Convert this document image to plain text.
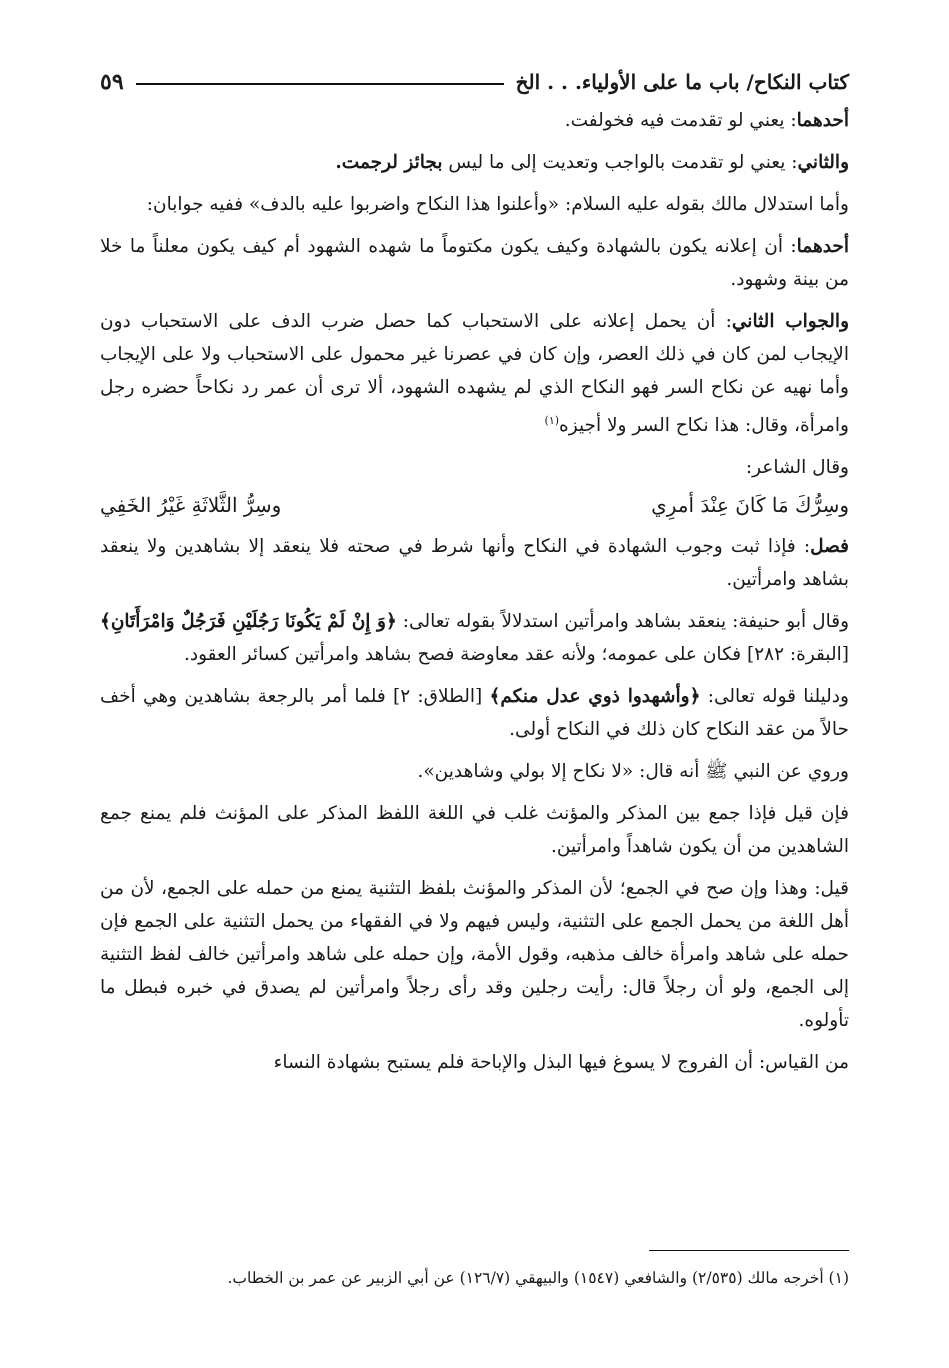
كتاب النكاح/ باب ما على الأولياء. . . الخ
٥٩

أحدهما: يعني لو تقدمت فيه فخولفت.

والثاني: يعني لو تقدمت بالواجب وتعديت إلى ما ليس بجائز لرجمت.

وأما استدلال مالك بقوله عليه السلام: «وأعلنوا هذا النكاح واضربوا عليه بالدف» ففيه جوابان:

أحدهما: أن إعلانه يكون بالشهادة وكيف يكون مكتوماً ما شهده الشهود أم كيف يكون معلناً ما خلا من بينة وشهود.

والجواب الثاني: أن يحمل إعلانه على الاستحباب كما حصل ضرب الدف على الاستحباب دون الإيجاب لمن كان في ذلك العصر، وإن كان في عصرنا غير محمول على الاستحباب ولا على الإيجاب وأما نهيه عن نكاح السر فهو النكاح الذي لم يشهده الشهود، ألا ترى أن عمر رد نكاحاً حضره رجل وامرأة، وقال: هذا نكاح السر ولا أجيزه$^{(١)}$

وقال الشاعر:

وسِرُّكَ مَا كَانَ عِنْدَ أمرِي
وسِرُّ الثَّلاثَةِ غَيْرُ الخَفِي

فصل: فإذا ثبت وجوب الشهادة في النكاح وأنها شرط في صحته فلا ينعقد إلا بشاهدين ولا ينعقد بشاهد وامرأتين.

وقال أبو حنيفة: ينعقد بشاهد وامرأتين استدلالاً بقوله تعالى: ﴿وَ إِنْ لَمْ يَكُونَا رَجُلَيْنِ فَرَجُلٌ وَامْرَأَتَانِ﴾ [البقرة: ٢٨٢] فكان على عمومه؛ ولأنه عقد معاوضة فصح بشاهد وامرأتين كسائر العقود.

ودليلنا قوله تعالى: ﴿وأشهدوا ذوي عدل منكم﴾ [الطلاق: ٢] فلما أمر بالرجعة بشاهدين وهي أخف حالاً من عقد النكاح كان ذلك في النكاح أولى.

وروي عن النبي ﷺ أنه قال: «لا نكاح إلا بولي وشاهدين».

فإن قيل فإذا جمع بين المذكر والمؤنث غلب في اللغة اللفظ المذكر على المؤنث فلم يمنع جمع الشاهدين من أن يكون شاهداً وامرأتين.

قيل: وهذا وإن صح في الجمع؛ لأن المذكر والمؤنث بلفظ التثنية يمنع من حمله على الجمع، لأن من أهل اللغة من يحمل الجمع على التثنية، وليس فيهم ولا في الفقهاء من يحمل التثنية على الجمع فإن حمله على شاهد وامرأة خالف مذهبه، وقول الأمة، وإن حمله على شاهد وامرأتين خالف لفظ التثنية إلى الجمع، ولو أن رجلاً قال: رأيت رجلين وقد رأى رجلاً وامرأتين لم يصدق في خبره فبطل ما تأولوه.

من القياس: أن الفروج لا يسوغ فيها البذل والإباحة فلم يستبح بشهادة النساء

(١) أخرجه مالك (٢/٥٣٥) والشافعي (١٥٤٧) والبيهقي (١٢٦/٧) عن أبي الزبير عن عمر بن الخطاب.
